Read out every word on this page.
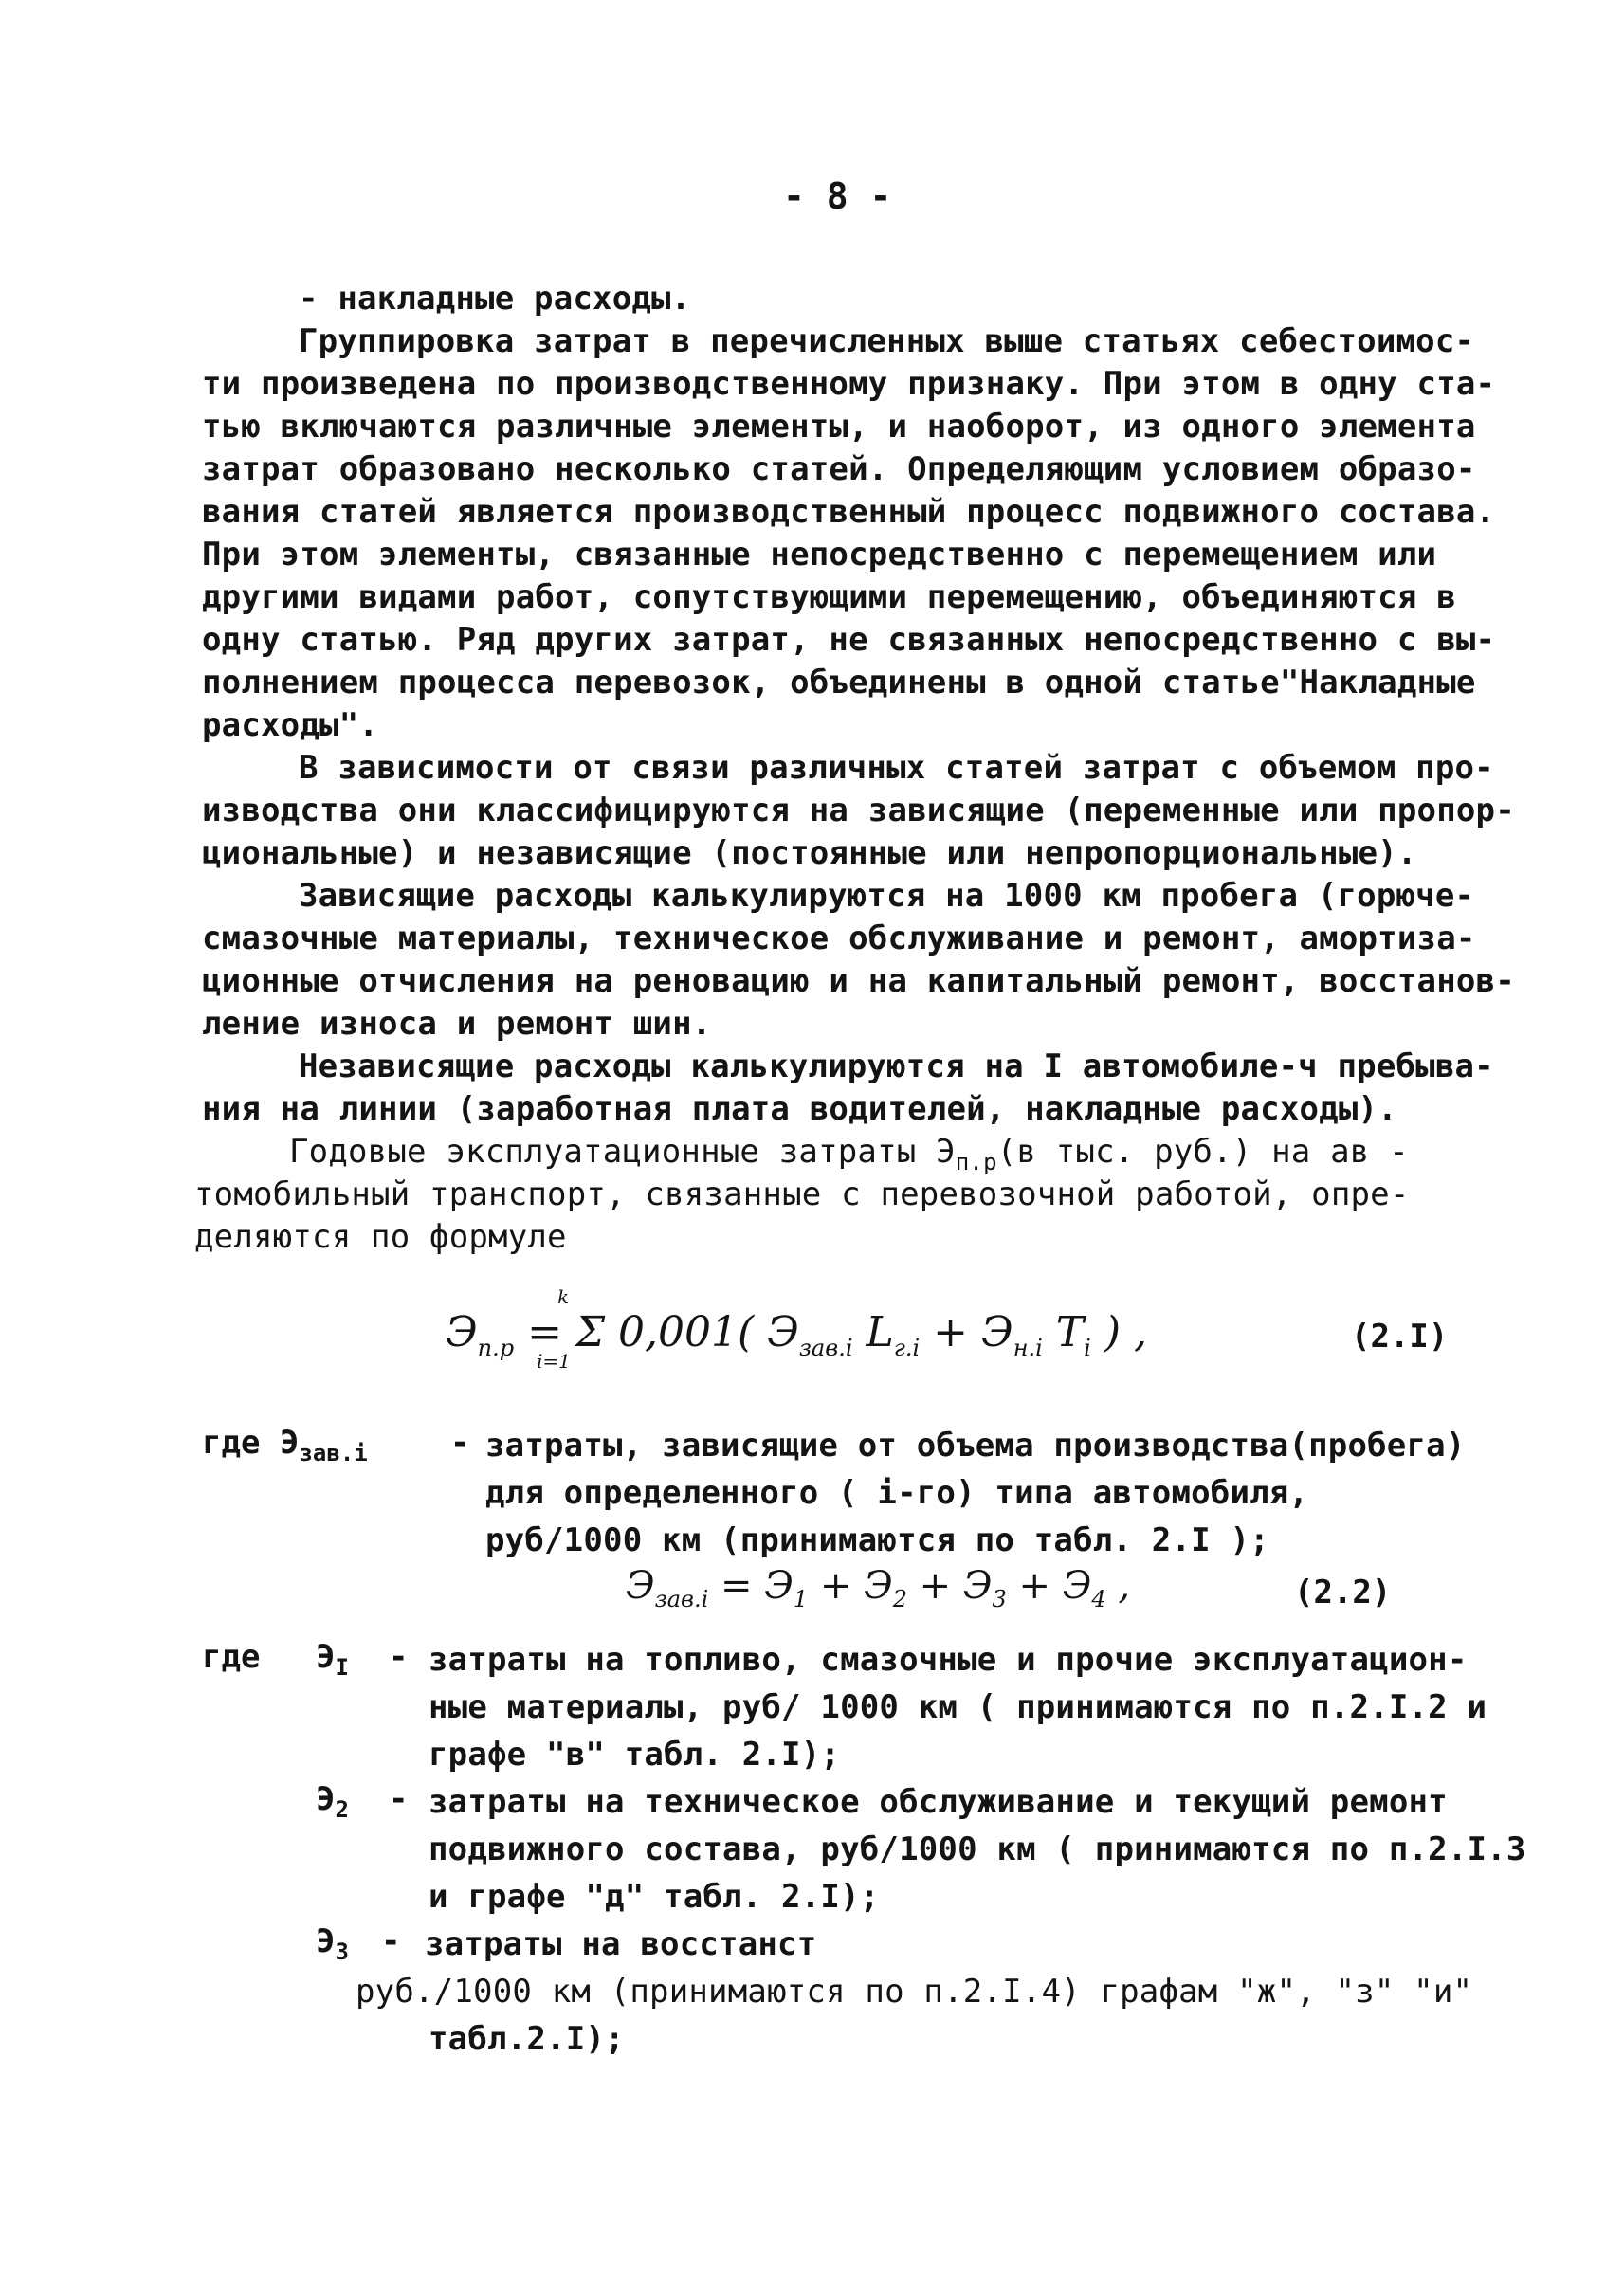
- 8 -
- накладные расходы.
Группировка затрат в перечисленных выше статьях себестоимос-
ти произведена по производственному признаку. При этом в одну ста-
тью включаются различные элементы, и наоборот, из одного элемента
затрат образовано несколько статей. Определяющим условием образо-
вания статей является производственный процесс подвижного состава.
При этом элементы, связанные непосредственно с перемещением или
другими видами работ, сопутствующими перемещению, объединяются в
одну статью. Ряд других затрат, не связанных непосредственно с вы-
полнением процесса перевозок, объединены в одной статье"Накладные
расходы".
В зависимости от связи различных статей затрат с объемом про-
изводства они классифицируются на зависящие (переменные или пропор-
циональные) и независящие (постоянные или непропорциональные).
Зависящие расходы калькулируются на 1000 км пробега (горюче-
смазочные материалы, техническое обслуживание и ремонт, амортиза-
ционные отчисления на реновацию и на капитальный ремонт, восстанов-
ление износа и ремонт шин.
Независящие расходы калькулируются на I автомобиле-ч пребыва-
ния на линии (заработная плата водителей, накладные расходы).
Годовые эксплуатационные затраты $Э_{п.р}(в$ тыс. руб.) на ав -
томобильный транспорт, связанные с перевозочной работой, опре-
деляются по формуле
$Э_{п.р} = \Sigma$ 0,001( $Э_{зав.i}$ $L_{г.i} + Э_{н.i}$ $T_i$ ) ,
k
i=1
(2.I)
где $Э_{зав.i}$	- затраты, зависящие от объема производства(пробега)
для определенного ( i-го) типа автомобиля,
руб/1000 км (принимаются по табл. 2.I );
$Э_{зав.i} = Э_1 + Э_2 + Э_3 + Э_4$ ,	(2.2)
где $Э_I$ - затраты на топливо, смазочные и прочие эксплуатацион-
ные материалы, руб/ 1000 км ( принимаются по п.2.I.2 и
графе "в" табл. 2.I);
$Э_2$ - затраты на техническое обслуживание и текущий ремонт
подвижного состава, руб/1000 км ( принимаются по п.2.I.3
и графе "д" табл. 2.I);
$Э_3$ - затраты на восстанст
руб./1000 км (принимаются по п.2.I.4) графам "ж", "з" "и"
табл.2.I);
